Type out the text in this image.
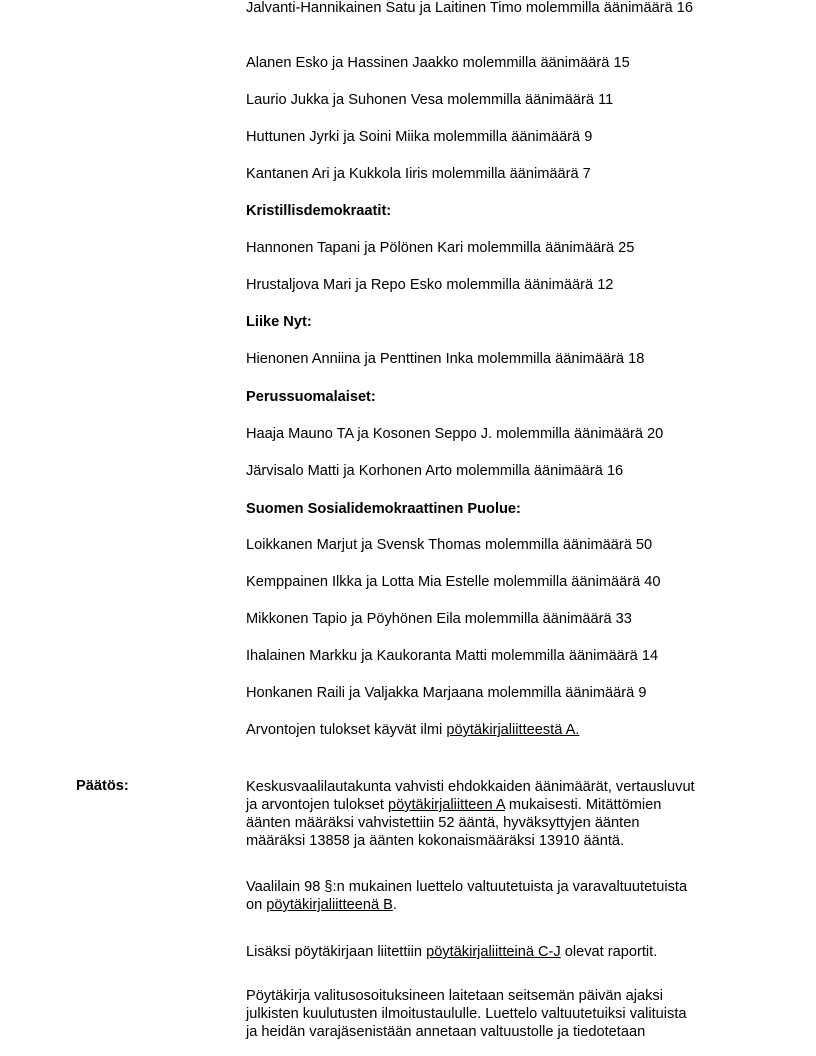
Jalvanti-Hannikainen Satu ja Laitinen Timo molemmilla äänimäärä 16
Alanen Esko ja Hassinen Jaakko molemmilla äänimäärä 15
Laurio Jukka ja Suhonen Vesa molemmilla äänimäärä 11
Huttunen Jyrki ja Soini Miika molemmilla äänimäärä 9
Kantanen Ari ja Kukkola Iiris molemmilla äänimäärä 7
Kristillisdemokraatit:
Hannonen Tapani ja Pölönen Kari molemmilla äänimäärä 25
Hrustaljova Mari ja Repo Esko molemmilla äänimäärä 12
Liike Nyt:
Hienonen Anniina ja Penttinen Inka molemmilla äänimäärä 18
Perussuomalaiset:
Haaja Mauno TA ja Kosonen Seppo J. molemmilla äänimäärä 20
Järvisalo Matti ja Korhonen Arto molemmilla äänimäärä 16
Suomen Sosialidemokraattinen Puolue:
Loikkanen Marjut ja Svensk Thomas molemmilla äänimäärä 50
Kemppainen Ilkka ja Lotta Mia Estelle molemmilla äänimäärä 40
Mikkonen Tapio ja Pöyhönen Eila molemmilla äänimäärä 33
Ihalainen Markku ja Kaukoranta Matti molemmilla äänimäärä 14
Honkanen Raili ja Valjakka Marjaana molemmilla äänimäärä 9
Arvontojen tulokset käyvät ilmi pöytäkirjaliitteestä A.
Päätös:	Keskusvaalilautakunta vahvisti ehdokkaiden äänimäärät, vertausluvut
ja arvontojen tulokset pöytäkirjaliitteen A mukaisesti. Mitättömien
äänten määräksi vahvistettiin 52 ääntä, hyväksyttyjen äänten
määräksi 13858 ja äänten kokonaismääräksi 13910 ääntä.
Vaalilain 98 §:n mukainen luettelo valtuutetuista ja varavaltuutetuista
on pöytäkirjaliitteenä B.
Lisäksi pöytäkirjaan liitettiin pöytäkirjaliitteinä C-J olevat raportit.
Pöytäkirja valitusosoituksineen laitetaan seitsemän päivän ajaksi
julkisten kuulutusten ilmoitustaululle. Luettelo valtuutetuiksi valituista
ja heidän varajäsenistään annetaan valtuustolle ja tiedotetaan
